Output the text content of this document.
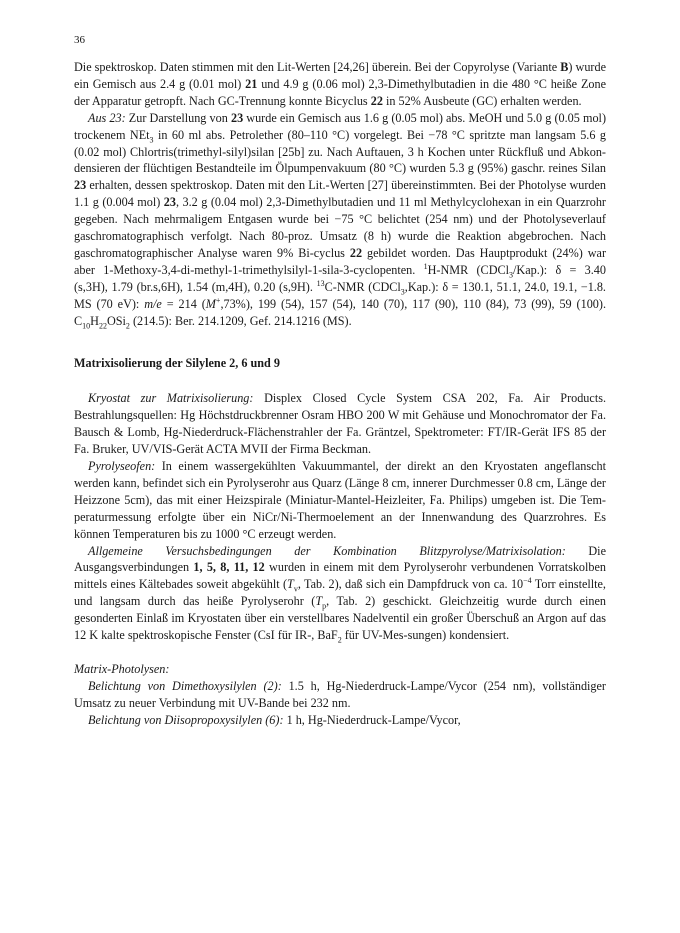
36

Die spektroskop. Daten stimmen mit den Lit-Werten [24,26] überein. Bei der Copyrolyse (Variante B) wurde ein Gemisch aus 2.4 g (0.01 mol) 21 und 4.9 g (0.06 mol) 2,3-Dimethylbutadien in die 480 °C heiße Zone der Apparatur getropft. Nach GC-Trennung konnte Bicyclus 22 in 52% Ausbeute (GC) erhalten werden.

Aus 23: Zur Darstellung von 23 wurde ein Gemisch aus 1.6 g (0.05 mol) abs. MeOH und 5.0 g (0.05 mol) trockenem NEt$_3$ in 60 ml abs. Petrolether (80–110 °C) vorgelegt. Bei −78 °C spritzte man langsam 5.6 g (0.02 mol) Chlortris(trimethyl-silyl)silan [25b] zu. Nach Auftauen, 3 h Kochen unter Rückfluß und Abkon-densieren der flüchtigen Bestandteile im Ölpumpenvakuum (80 °C) wurden 5.3 g (95%) gaschr. reines Silan 23 erhalten, dessen spektroskop. Daten mit den Lit.-Werten [27] übereinstimmten. Bei der Photolyse wurden 1.1 g (0.004 mol) 23, 3.2 g (0.04 mol) 2,3-Dimethylbutadien und 11 ml Methylcyclohexan in ein Quarzrohr gegeben. Nach mehrmaligem Entgasen wurde bei −75 °C belichtet (254 nm) und der Photolyseverlauf gaschromatographisch verfolgt. Nach 80-proz. Umsatz (8 h) wurde die Reaktion abgebrochen. Nach gaschromatographischer Analyse waren 9% Bi-cyclus 22 gebildet worden. Das Hauptprodukt (24%) war aber 1-Methoxy-3,4-di-methyl-1-trimethylsilyl-1-sila-3-cyclopenten. $^1$H-NMR (CDCl$_3$/Kap.): δ = 3.40 (s,3H), 1.79 (br.s,6H), 1.54 (m,4H), 0.20 (s,9H). $^{13}$C-NMR (CDCl$_3$,Kap.): δ = 130.1, 51.1, 24.0, 19.1, −1.8. MS (70 eV): m/e = 214 (M+,73%), 199 (54), 157 (54), 140 (70), 117 (90), 110 (84), 73 (99), 59 (100). $C_{10}H_{22}OSi_2$ (214.5): Ber. 214.1209, Gef. 214.1216 (MS).

Matrixisolierung der Silylene 2, 6 und 9

Kryostat zur Matrixisolierung: Displex Closed Cycle System CSA 202, Fa. Air Products. Bestrahlungsquellen: Hg Höchstdruckbrenner Osram HBO 200 W mit Gehäuse und Monochromator der Fa. Bausch & Lomb, Hg-Niederdruck-Flächenstrahler der Fa. Gräntzel, Spektrometer: FT/IR-Gerät IFS 85 der Fa. Bruker, UV/VIS-Gerät ACTA MVII der Firma Beckman.

Pyrolyseofen: In einem wassergekühlten Vakuummantel, der direkt an den Kryostaten angeflanscht werden kann, befindet sich ein Pyrolyserohr aus Quarz (Länge 8 cm, innerer Durchmesser 0.8 cm, Länge der Heizzone 5cm), das mit einer Heizspirale (Miniatur-Mantel-Heizleiter, Fa. Philips) umgeben ist. Die Tem-peraturmessung erfolgte über ein NiCr/Ni-Thermoelement an der Innenwandung des Quarzrohres. Es können Temperaturen bis zu 1000 °C erzeugt werden.

Allgemeine Versuchsbedingungen der Kombination Blitzpyrolyse/Matrixisolation: Die Ausgangsverbindungen 1, 5, 8, 11, 12 wurden in einem mit dem Pyrolyserohr verbundenen Vorratskolben mittels eines Kältebades soweit abgekühlt ($T_v$, Tab. 2), daß sich ein Dampfdruck von ca. $10^{-4}$ Torr einstellte, und langsam durch das heiße Pyrolyserohr ($T_p$, Tab. 2) geschickt. Gleichzeitig wurde durch einen gesonderten Einlaß im Kryostaten über ein verstellbares Nadelventil ein großer Überschuß an Argon auf das 12 K kalte spektroskopische Fenster (CsI für IR-, BaF$_2$ für UV-Mes-sungen) kondensiert.

Matrix-Photolysen:

Belichtung von Dimethoxysilylen (2): 1.5 h, Hg-Niederdruck-Lampe/Vycor (254 nm), vollständiger Umsatz zu neuer Verbindung mit UV-Bande bei 232 nm.

Belichtung von Diisopropoxysilylen (6): 1 h, Hg-Niederdruck-Lampe/Vycor,
